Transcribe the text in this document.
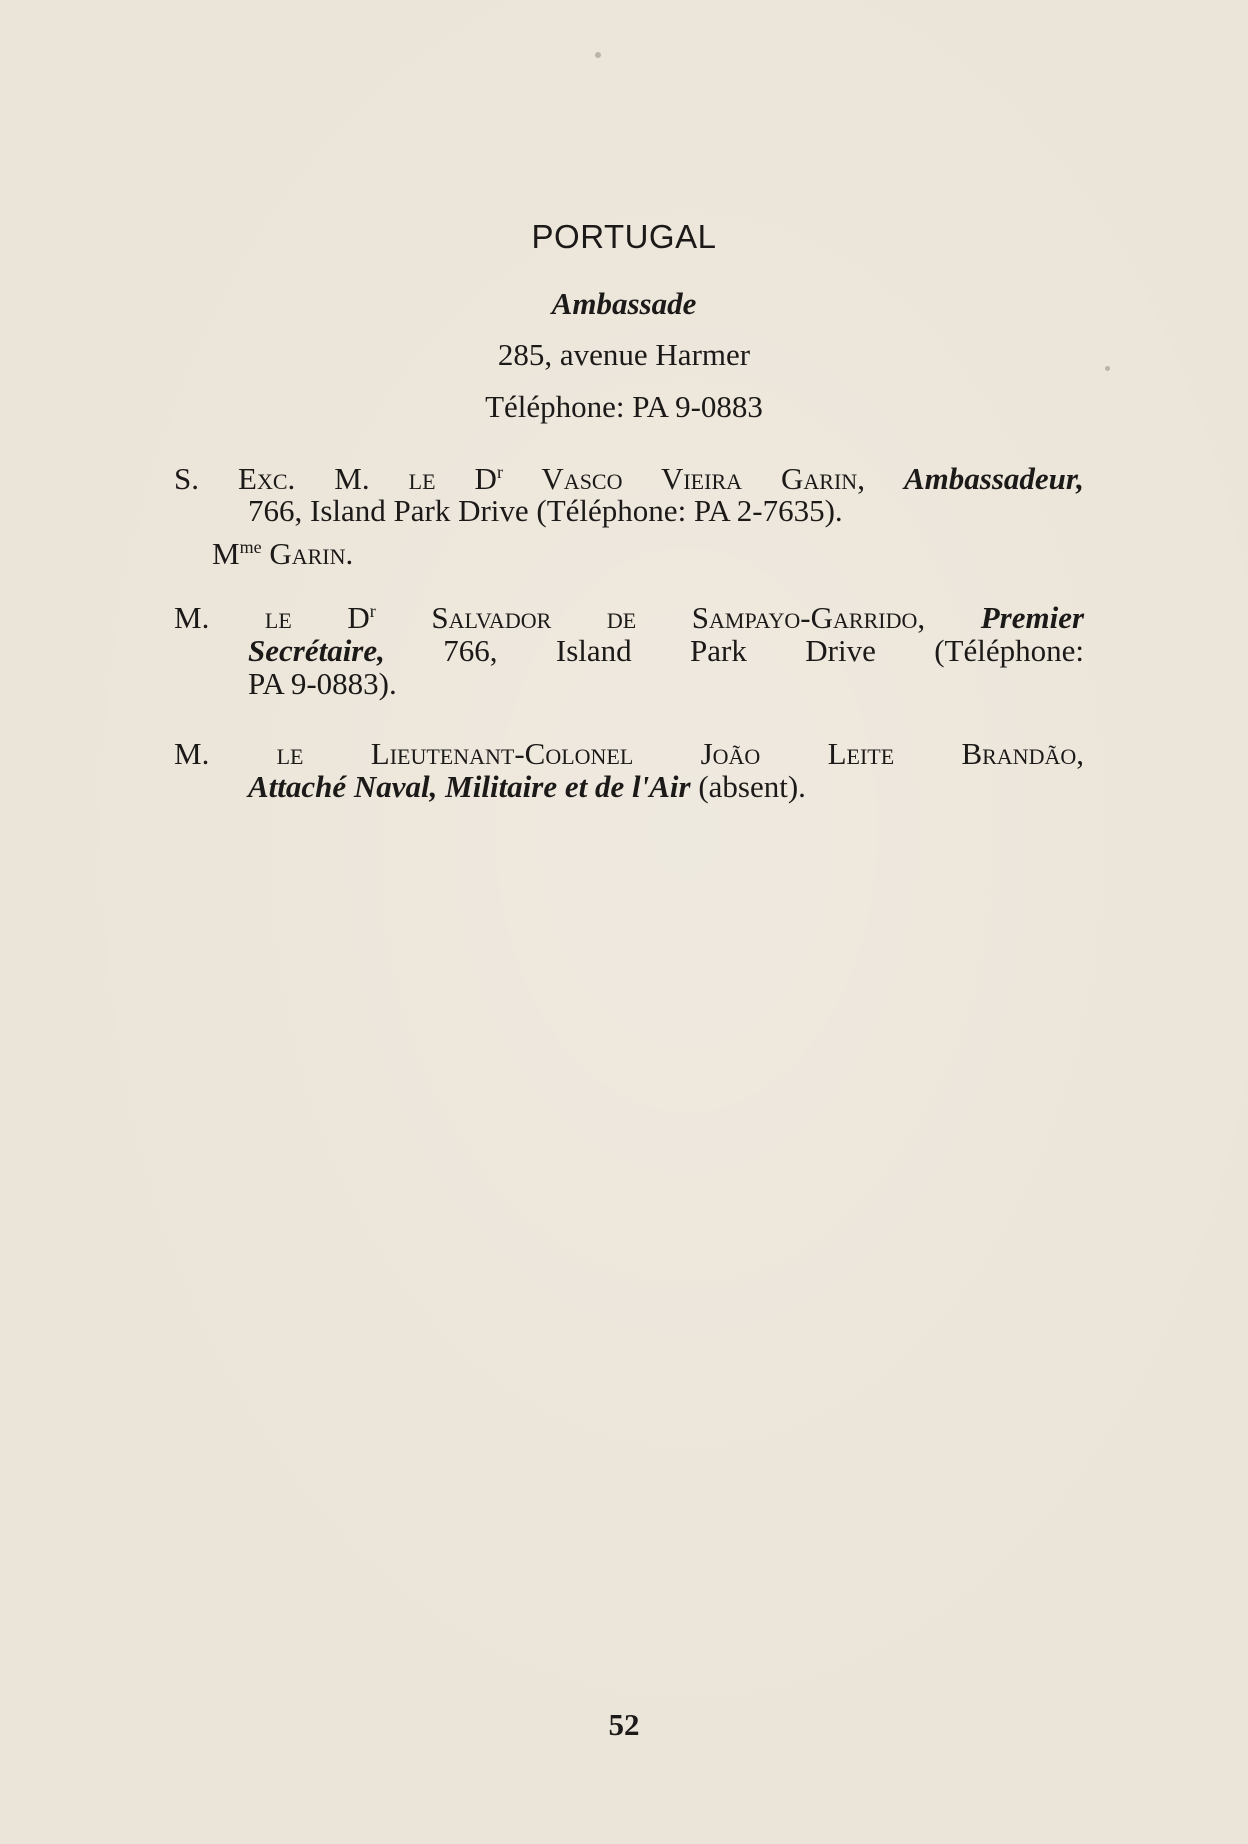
PORTUGAL
Ambassade
285, avenue Harmer
Téléphone: PA 9-0883
S. Exc. M. le $D^r$ Vasco Vieira Garin, Ambassadeur,
766, Island Park Drive (Téléphone: PA 2-7635).
$M^{me}$ Garin.
M. le $D^r$ Salvador de Sampayo-Garrido, Premier
Secrétaire, 766, Island Park Drive (Téléphone:
PA 9-0883).
M. le Lieutenant-Colonel João Leite Brandão,
Attaché Naval, Militaire et de l'Air (absent).
52
